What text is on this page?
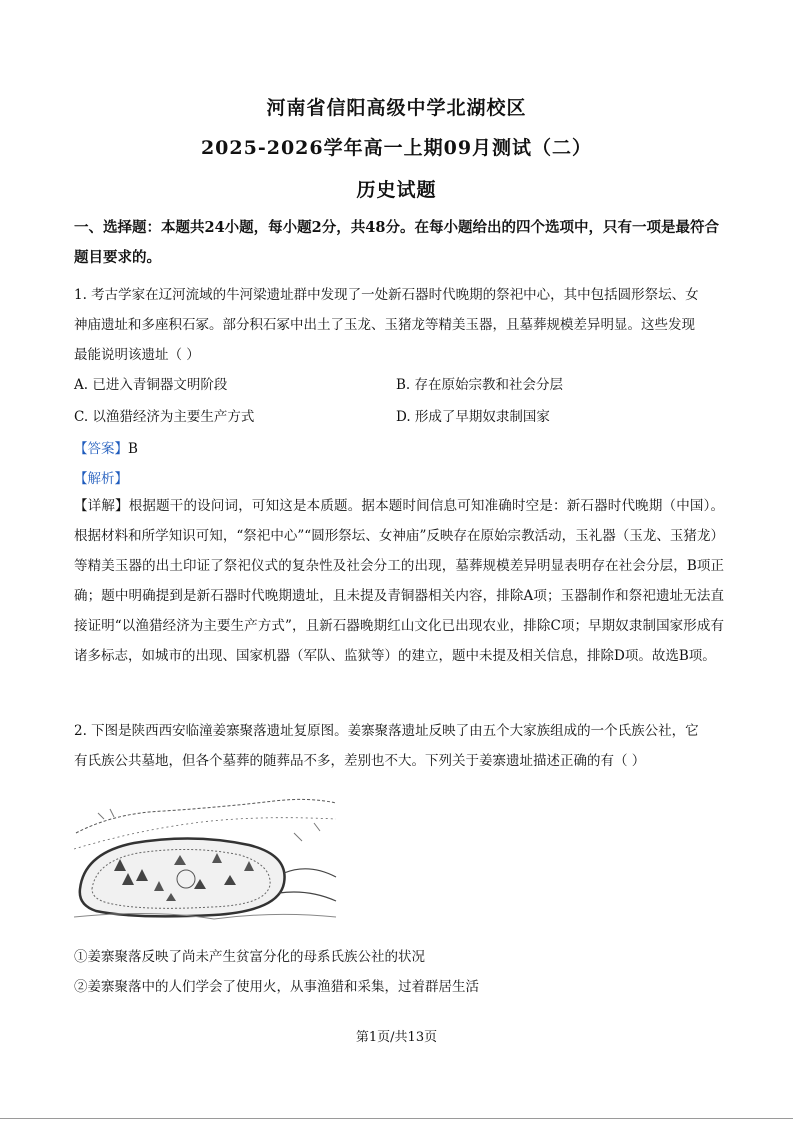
河南省信阳高级中学北湖校区
2025-2026学年高一上期09月测试（二）
历史试题
一、选择题：本题共24小题，每小题2分，共48分。在每小题给出的四个选项中，只有一项是最符合题目要求的。
1. 考古学家在辽河流域的牛河梁遗址群中发现了一处新石器时代晚期的祭祀中心，其中包括圆形祭坛、女
神庙遗址和多座积石冢。部分积石冢中出土了玉龙、玉猪龙等精美玉器，且墓葬规模差异明显。这些发现
最能说明该遗址（ ）
A. 已进入青铜器文明阶段	B. 存在原始宗教和社会分层
C. 以渔猎经济为主要生产方式	D. 形成了早期奴隶制国家
【答案】B
【解析】
【详解】根据题干的设问词，可知这是本质题。据本题时间信息可知准确时空是：新石器时代晚期（中国）。根据材料和所学知识可知，“祭祀中心”“圆形祭坛、女神庙”反映存在原始宗教活动，玉礼器（玉龙、玉猪龙）等精美玉器的出土印证了祭祀仪式的复杂性及社会分工的出现，墓葬规模差异明显表明存在社会分层，B项正确；题中明确提到是新石器时代晚期遗址，且未提及青铜器相关内容，排除A项；玉器制作和祭祀遗址无法直接证明“以渔猎经济为主要生产方式”，且新石器晚期红山文化已出现农业，排除C项；早期奴隶制国家形成有诸多标志，如城市的出现、国家机器（军队、监狱等）的建立，题中未提及相关信息，排除D项。故选B项。
2. 下图是陕西西安临潼姜寨聚落遗址复原图。姜寨聚落遗址反映了由五个大家族组成的一个氏族公社，它
有氏族公共墓地，但各个墓葬的随葬品不多，差别也不大。下列关于姜寨遗址描述正确的有（ ）
①姜寨聚落反映了尚未产生贫富分化的母系氏族公社的状况
②姜寨聚落中的人们学会了使用火，从事渔猎和采集，过着群居生活
第1页/共13页
